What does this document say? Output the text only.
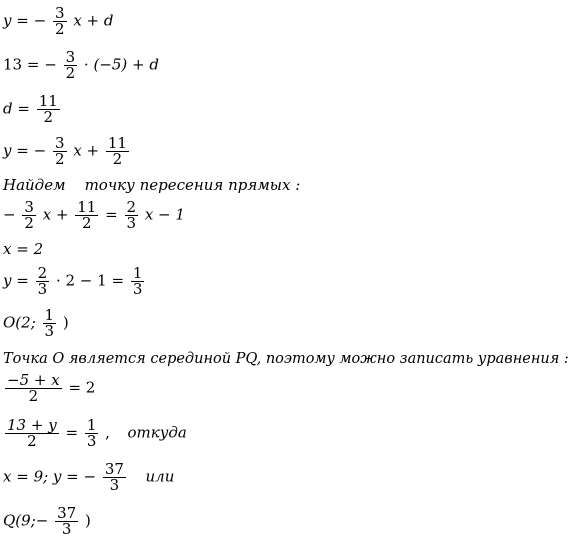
y = − $\frac{3}{2}$ x + d
13 = − $\frac{3}{2} \cdot (-5) + d$
$d = \frac{11}{2}$
y = − $\frac{3}{2}$ $x + \frac{11}{2}$
Найдем    точку пересения прямых :
− $\frac{3}{2}$ $x + \frac{11}{2} = \frac{2}{3}$ x − 1
x = 2
$y = \frac{2}{3} \cdot 2 - 1 = \frac{1}{3}$
O(2; $\frac{1}{3}$ )
Точка O является серединой PQ, поэтому можно записать уравнения :
$\frac{-5 + x}{2} = 2$
$\frac{13 + y}{2} = \frac{1}{3}$ , откуда
x = 9; y = − $\frac{37}{3}$ или
Q(9;− $\frac{37}{3}$ )
